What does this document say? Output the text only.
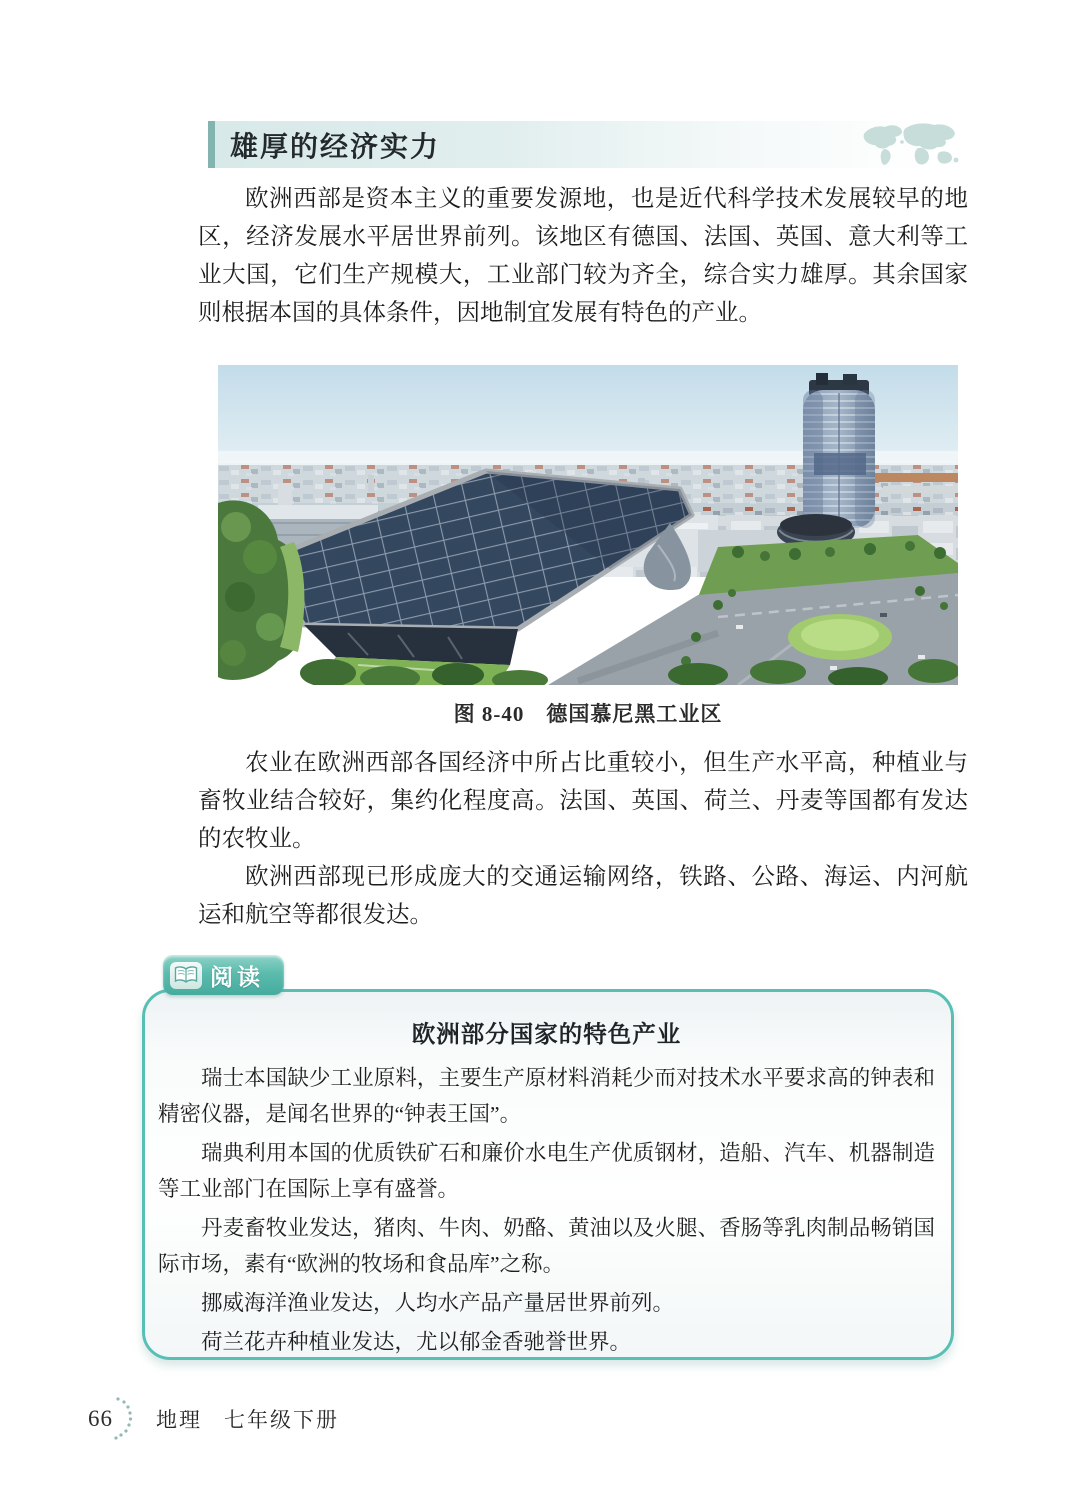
雄厚的经济实力

欧洲西部是资本主义的重要发源地，也是近代科学技术发展较早的地区，经济发展水平居世界前列。该地区有德国、法国、英国、意大利等工业大国，它们生产规模大，工业部门较为齐全，综合实力雄厚。其余国家则根据本国的具体条件，因地制宜发展有特色的产业。

图 8-40　德国慕尼黑工业区

农业在欧洲西部各国经济中所占比重较小，但生产水平高，种植业与畜牧业结合较好，集约化程度高。法国、英国、荷兰、丹麦等国都有发达的农牧业。

欧洲西部现已形成庞大的交通运输网络，铁路、公路、海运、内河航运和航空等都很发达。

阅读
欧洲部分国家的特色产业

瑞士本国缺少工业原料，主要生产原材料消耗少而对技术水平要求高的钟表和精密仪器，是闻名世界的“钟表王国”。

瑞典利用本国的优质铁矿石和廉价水电生产优质钢材，造船、汽车、机器制造等工业部门在国际上享有盛誉。

丹麦畜牧业发达，猪肉、牛肉、奶酪、黄油以及火腿、香肠等乳肉制品畅销国际市场，素有“欧洲的牧场和食品库”之称。

挪威海洋渔业发达，人均水产品产量居世界前列。

荷兰花卉种植业发达，尤以郁金香驰誉世界。

66 地理 七年级下册
